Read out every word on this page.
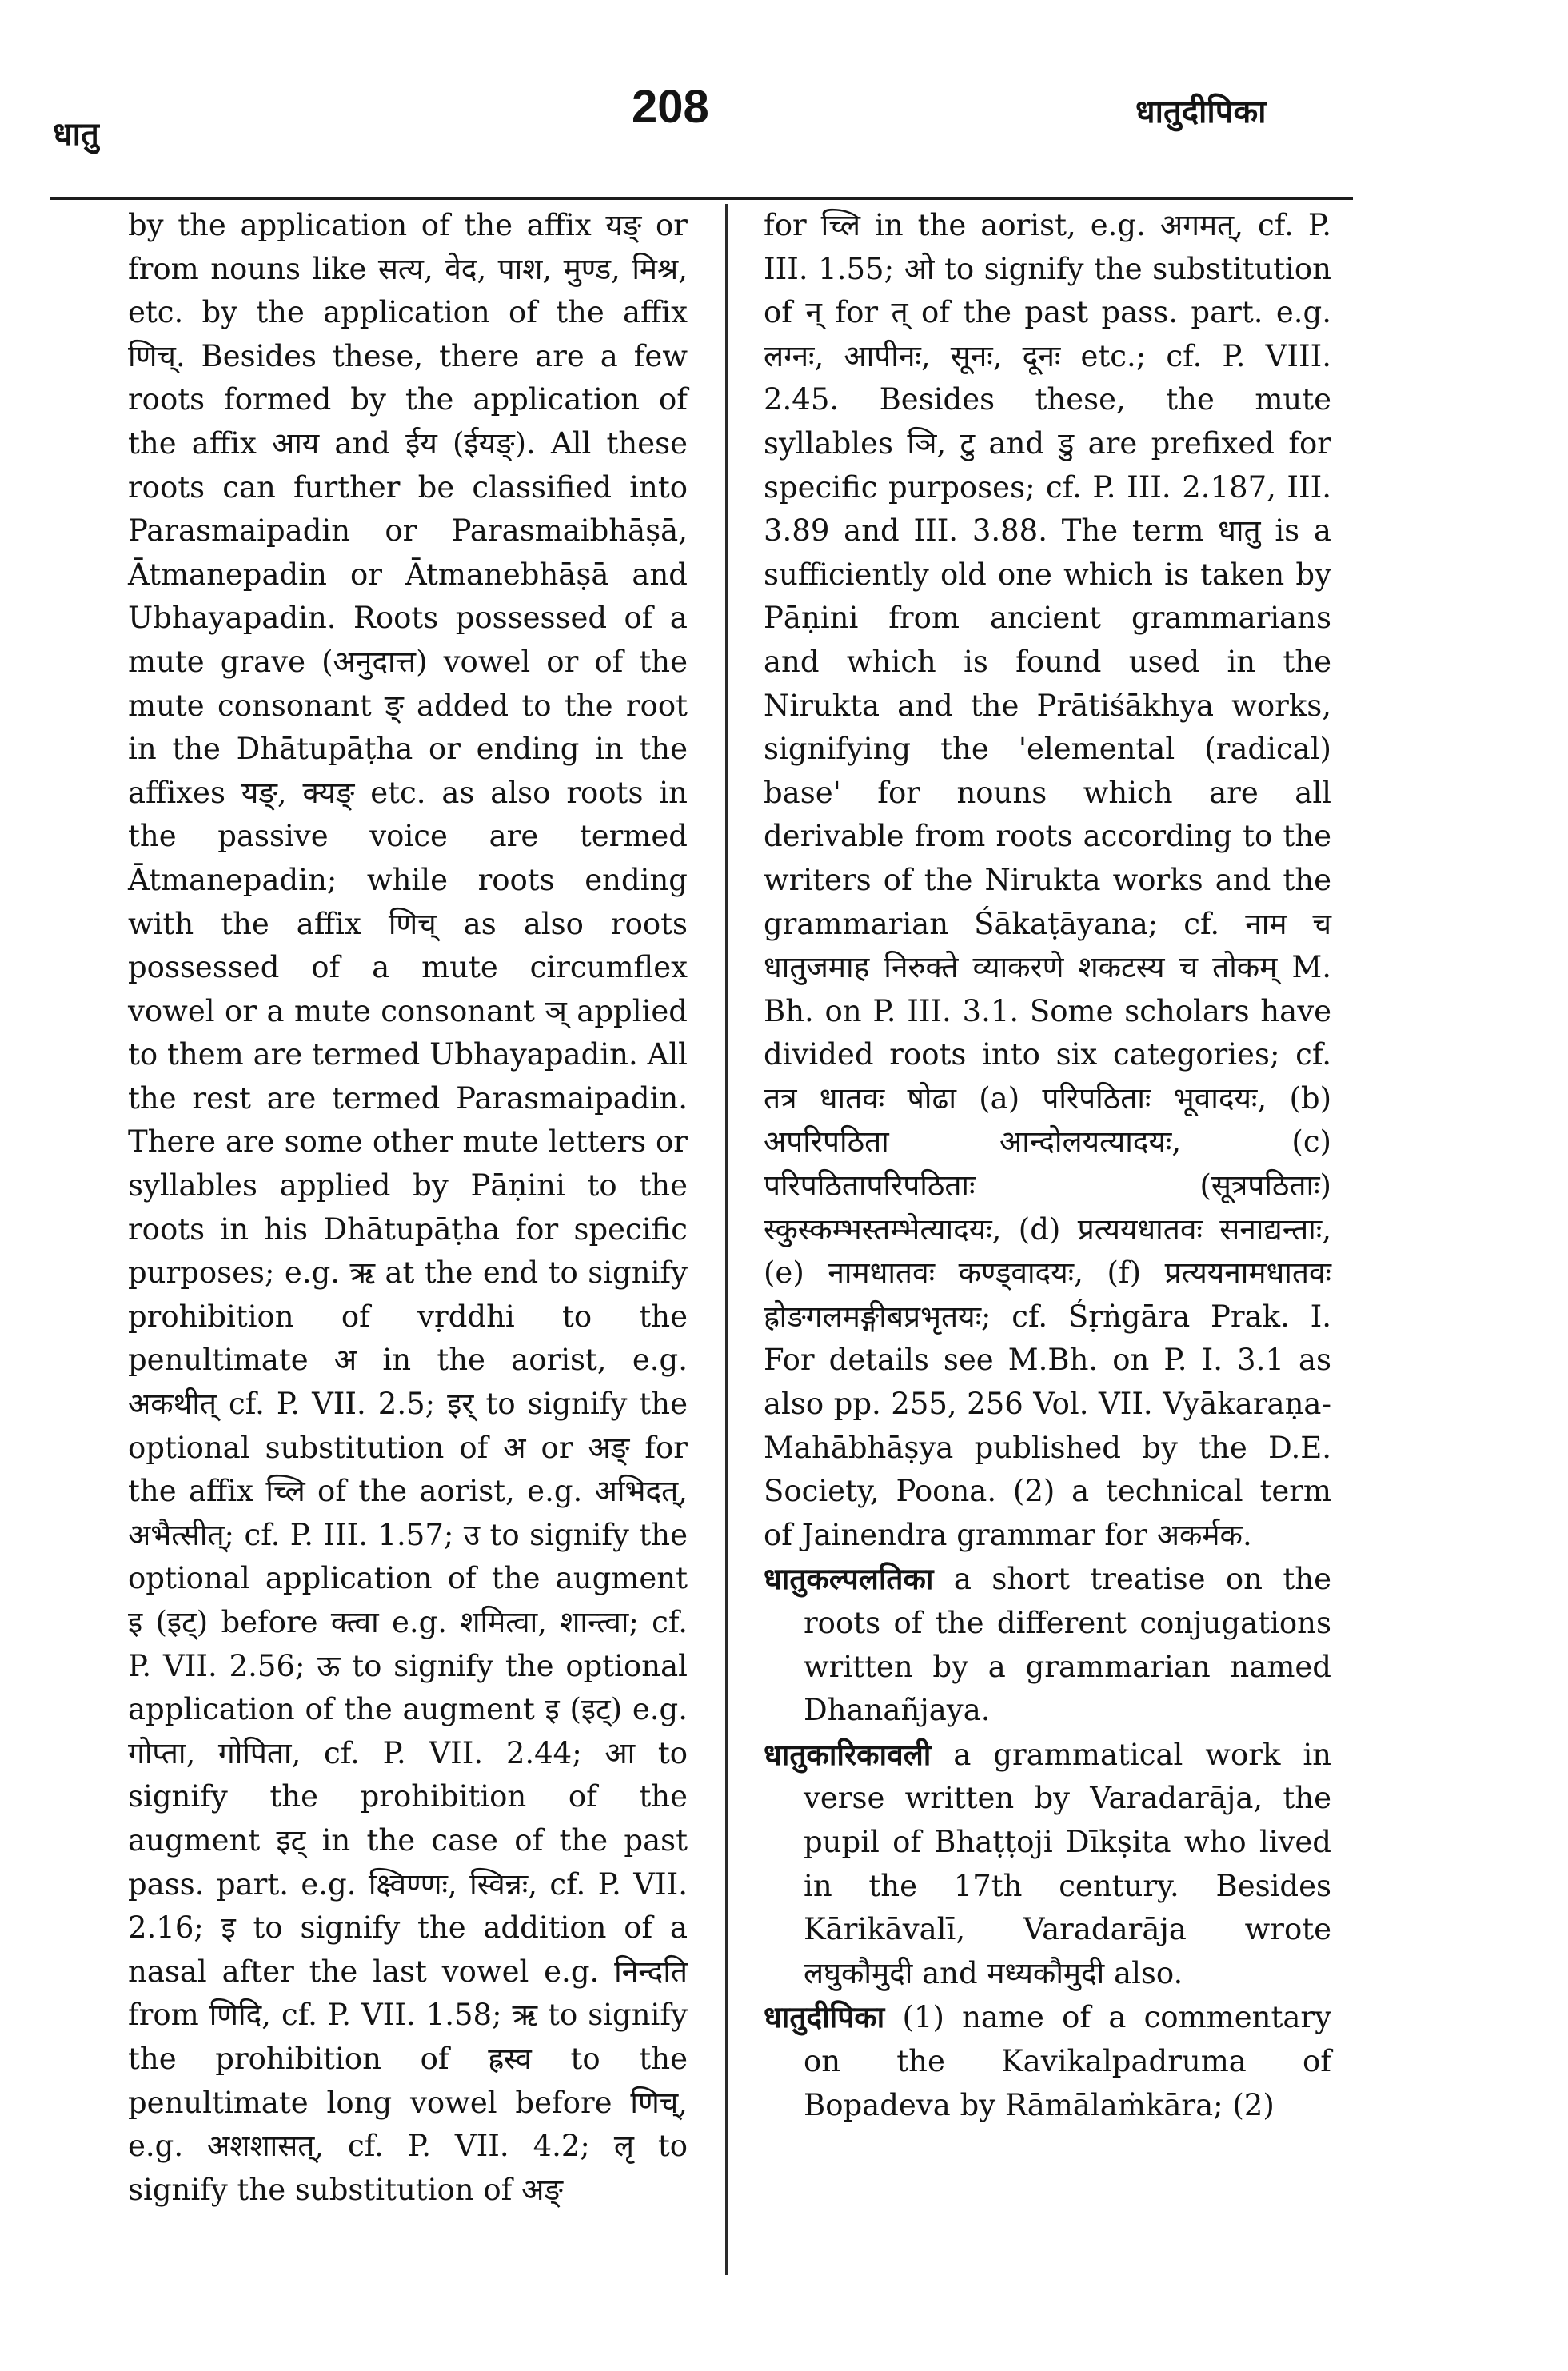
धातु
208	धातुदीपिका

by the application of the affix यङ् or from nouns like सत्य, वेद, पाश, मुण्ड, मिश्र, etc. by the application of the affix णिच्. Besides these, there are a few roots formed by the application of the affix आय and ईय (ईयङ्). All these roots can further be classified into Parasmaipadin or Parasmaibhāṣā, Ātmanepadin or Ātmanebhāṣā and Ubhayapadin. Roots possessed of a mute grave (अनुदात्त) vowel or of the mute consonant ङ् added to the root in the Dhātupāṭha or ending in the affixes यङ्, क्यङ् etc. as also roots in the passive voice are termed Ātmanepadin; while roots ending with the affix णिच् as also roots possessed of a mute circumflex vowel or a mute consonant ञ् applied to them are termed Ubhayapadin. All the rest are termed Parasmaipadin. There are some other mute letters or syllables applied by Pāṇini to the roots in his Dhātupāṭha for specific purposes; e.g. ऋ at the end to signify prohibition of vṛddhi to the penultimate अ in the aorist, e.g. अकथीत् cf. P. VII. 2.5; इर् to signify the optional substitution of अ or अङ् for the affix च्लि of the aorist, e.g. अभिदत्, अभैत्सीत्; cf. P. III. 1.57; उ to signify the optional application of the augment इ (इट्) before क्त्वा e.g. शमित्वा, शान्त्वा; cf. P. VII. 2.56; ऊ to signify the optional application of the augment इ (इट्) e.g. गोप्ता, गोपिता, cf. P. VII. 2.44; आ to signify the prohibition of the augment इट् in the case of the past pass. part. e.g. क्ष्विण्णः, स्विन्नः, cf. P. VII. 2.16; इ to signify the addition of a nasal after the last vowel e.g. निन्दति from णिदि, cf. P. VII. 1.58; ऋ to signify the prohibition of ह्रस्व to the penultimate long vowel before णिच्, e.g. अशशासत्, cf. P. VII. 4.2; लृ to signify the substitution of अङ्

for च्लि in the aorist, e.g. अगमत्, cf. P. III. 1.55; ओ to signify the substitution of न् for त् of the past pass. part. e.g. लग्नः, आपीनः, सूनः, दूनः etc.; cf. P. VIII. 2.45. Besides these, the mute syllables ञि, टु and डु are prefixed for specific purposes; cf. P. III. 2.187, III. 3.89 and III. 3.88. The term धातु is a sufficiently old one which is taken by Pāṇini from ancient grammarians and which is found used in the Nirukta and the Prātiśākhya works, signifying the 'elemental (radical) base' for nouns which are all derivable from roots according to the writers of the Nirukta works and the grammarian Śākaṭāyana; cf. नाम च धातुजमाह निरुक्ते व्याकरणे शकटस्य च तोकम् M. Bh. on P. III. 3.1. Some scholars have divided roots into six categories; cf. तत्र धातवः षोढा (a) परिपठिताः भूवादयः, (b) अपरिपठिता आन्दोलयत्यादयः, (c) परिपठितापरिपठिताः (सूत्रपठिताः) स्कुस्कम्भस्तम्भेत्यादयः, (d) प्रत्ययधातवः सनाद्यन्ताः, (e) नामधातवः कण्ड्वादयः, (f) प्रत्ययनामधातवः ह्रोङगलमङ्गीबप्रभृतयः; cf. Śṛṅgāra Prak. I. For details see M.Bh. on P. I. 3.1 as also pp. 255, 256 Vol. VII. Vyākaraṇa-Mahābhāṣya published by the D.E. Society, Poona. (2) a technical term of Jainendra grammar for अकर्मक.

धातुकल्पलतिका a short treatise on the roots of the different conjugations written by a grammarian named Dhanañjaya.

धातुकारिकावली a grammatical work in verse written by Varadarāja, the pupil of Bhaṭṭoji Dīkṣita who lived in the 17th century. Besides Kārikāvalī, Varadarāja wrote लघुकौमुदी and मध्यकौमुदी also.

धातुदीपिका (1) name of a commentary on the Kavikalpadruma of Bopadeva by Rāmālaṁkāra; (2)
